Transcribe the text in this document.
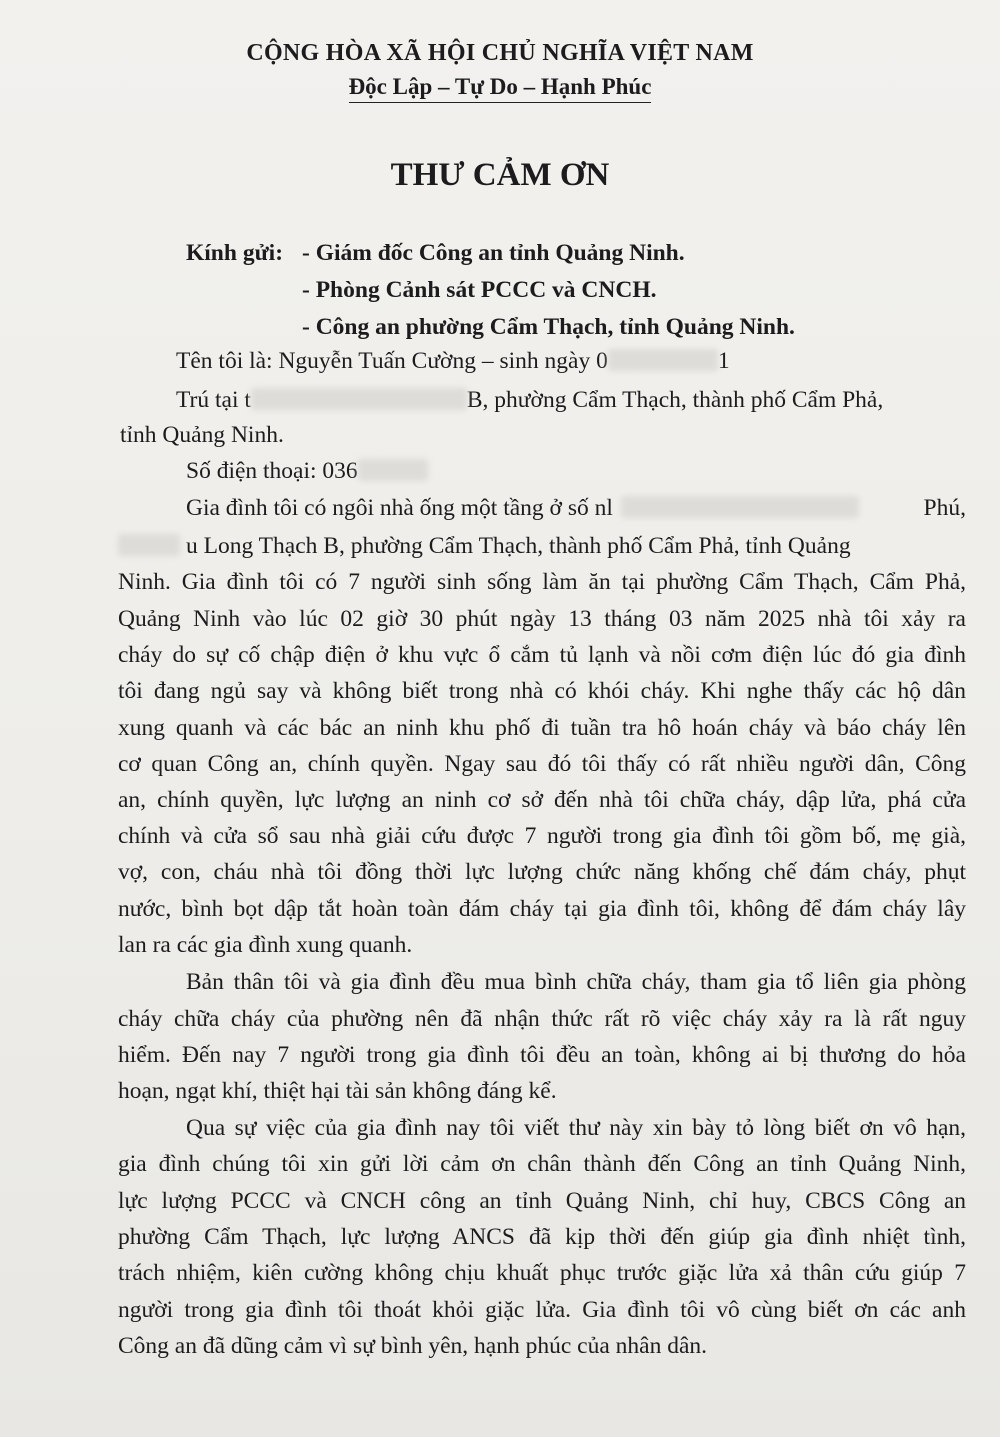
CỘNG HÒA XÃ HỘI CHỦ NGHĨA VIỆT NAM
Độc Lập – Tự Do – Hạnh Phúc
THƯ CẢM ƠN
Kính gửi: - Giám đốc Công an tỉnh Quảng Ninh.
- Phòng Cảnh sát PCCC và CNCH.
- Công an phường Cẩm Thạch, tỉnh Quảng Ninh.
Tên tôi là: Nguyễn Tuấn Cường – sinh ngày 0	1
Trú tại t	B, phường Cẩm Thạch, thành phố Cẩm Phả,
tỉnh Quảng Ninh.
Số điện thoại: 036
Gia đình tôi có ngôi nhà ống một tầng ở số nl	Phú,
u Long Thạch B, phường Cẩm Thạch, thành phố Cẩm Phả, tỉnh Quảng
Ninh. Gia đình tôi có 7 người sinh sống làm ăn tại phường Cẩm Thạch, Cẩm Phả,
Quảng Ninh vào lúc 02 giờ 30 phút ngày 13 tháng 03 năm 2025 nhà tôi xảy ra
cháy do sự cố chập điện ở khu vực ổ cắm tủ lạnh và nồi cơm điện lúc đó gia đình
tôi đang ngủ say và không biết trong nhà có khói cháy. Khi nghe thấy các hộ dân
xung quanh và các bác an ninh khu phố đi tuần tra hô hoán cháy và báo cháy lên
cơ quan Công an, chính quyền. Ngay sau đó tôi thấy có rất nhiều người dân, Công
an, chính quyền, lực lượng an ninh cơ sở đến nhà tôi chữa cháy, dập lửa, phá cửa
chính và cửa sổ sau nhà giải cứu được 7 người trong gia đình tôi gồm bố, mẹ già,
vợ, con, cháu nhà tôi đồng thời lực lượng chức năng khống chế đám cháy, phụt
nước, bình bọt dập tắt hoàn toàn đám cháy tại gia đình tôi, không để đám cháy lây
lan ra các gia đình xung quanh.
Bản thân tôi và gia đình đều mua bình chữa cháy, tham gia tổ liên gia phòng
cháy chữa cháy của phường nên đã nhận thức rất rõ việc cháy xảy ra là rất nguy
hiểm. Đến nay 7 người trong gia đình tôi đều an toàn, không ai bị thương do hỏa
hoạn, ngạt khí, thiệt hại tài sản không đáng kể.
Qua sự việc của gia đình nay tôi viết thư này xin bày tỏ lòng biết ơn vô hạn,
gia đình chúng tôi xin gửi lời cảm ơn chân thành đến Công an tỉnh Quảng Ninh,
lực lượng PCCC và CNCH công an tỉnh Quảng Ninh, chỉ huy, CBCS Công an
phường Cẩm Thạch, lực lượng ANCS đã kịp thời đến giúp gia đình nhiệt tình,
trách nhiệm, kiên cường không chịu khuất phục trước giặc lửa xả thân cứu giúp 7
người trong gia đình tôi thoát khỏi giặc lửa. Gia đình tôi vô cùng biết ơn các anh
Công an đã dũng cảm vì sự bình yên, hạnh phúc của nhân dân.
